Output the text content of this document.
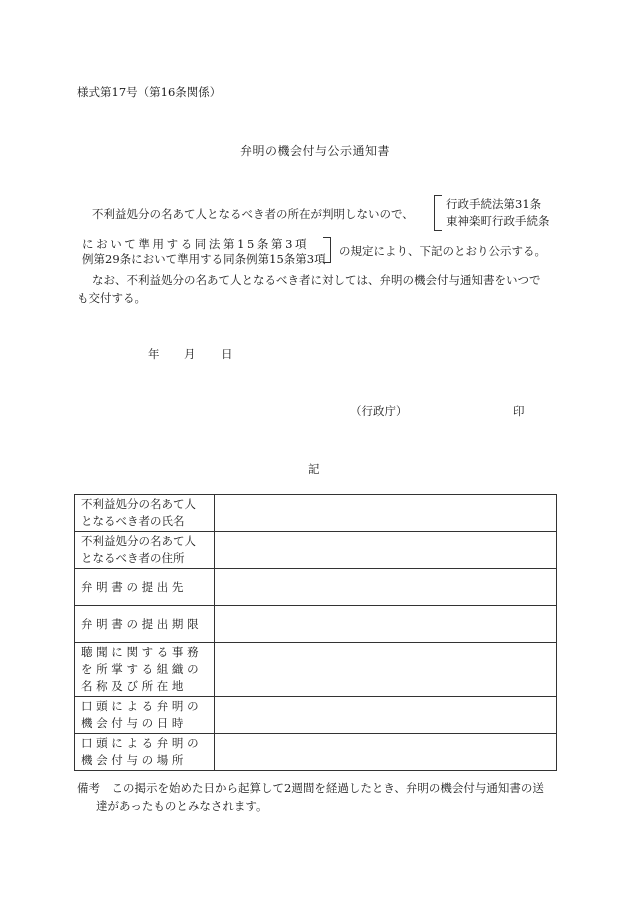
様式第17号（第16条関係）
弁明の機会付与公示通知書
不利益処分の名あて人となるべき者の所在が判明しないので、
行政手続法第31条
東神楽町行政手続条
において準用する同法第15条第3項
例第29条において準用する同条例第15条第3項
の規定により、下記のとおり公示する。
なお、不利益処分の名あて人となるべき者に対しては、弁明の機会付与通知書をいつで
も交付する。
年 月 日
（行政庁）	印
記
不利益処分の名あて人
となるべき者の氏名	

不利益処分の名あて人
となるべき者の住所	

弁 明 書 の 提 出 先	

弁 明 書 の 提 出 期 限	

聴 聞 に 関 す る 事 務
を 所 掌 す る 組 織 の
名 称 及 び 所 在 地	

口 頭 に よ る 弁 明 の
機 会 付 与 の 日 時	

口 頭 に よ る 弁 明 の
機 会 付 与 の 場 所	

備考　この掲示を始めた日から起算して2週間を経過したとき、弁明の機会付与通知書の送
達があったものとみなされます。
